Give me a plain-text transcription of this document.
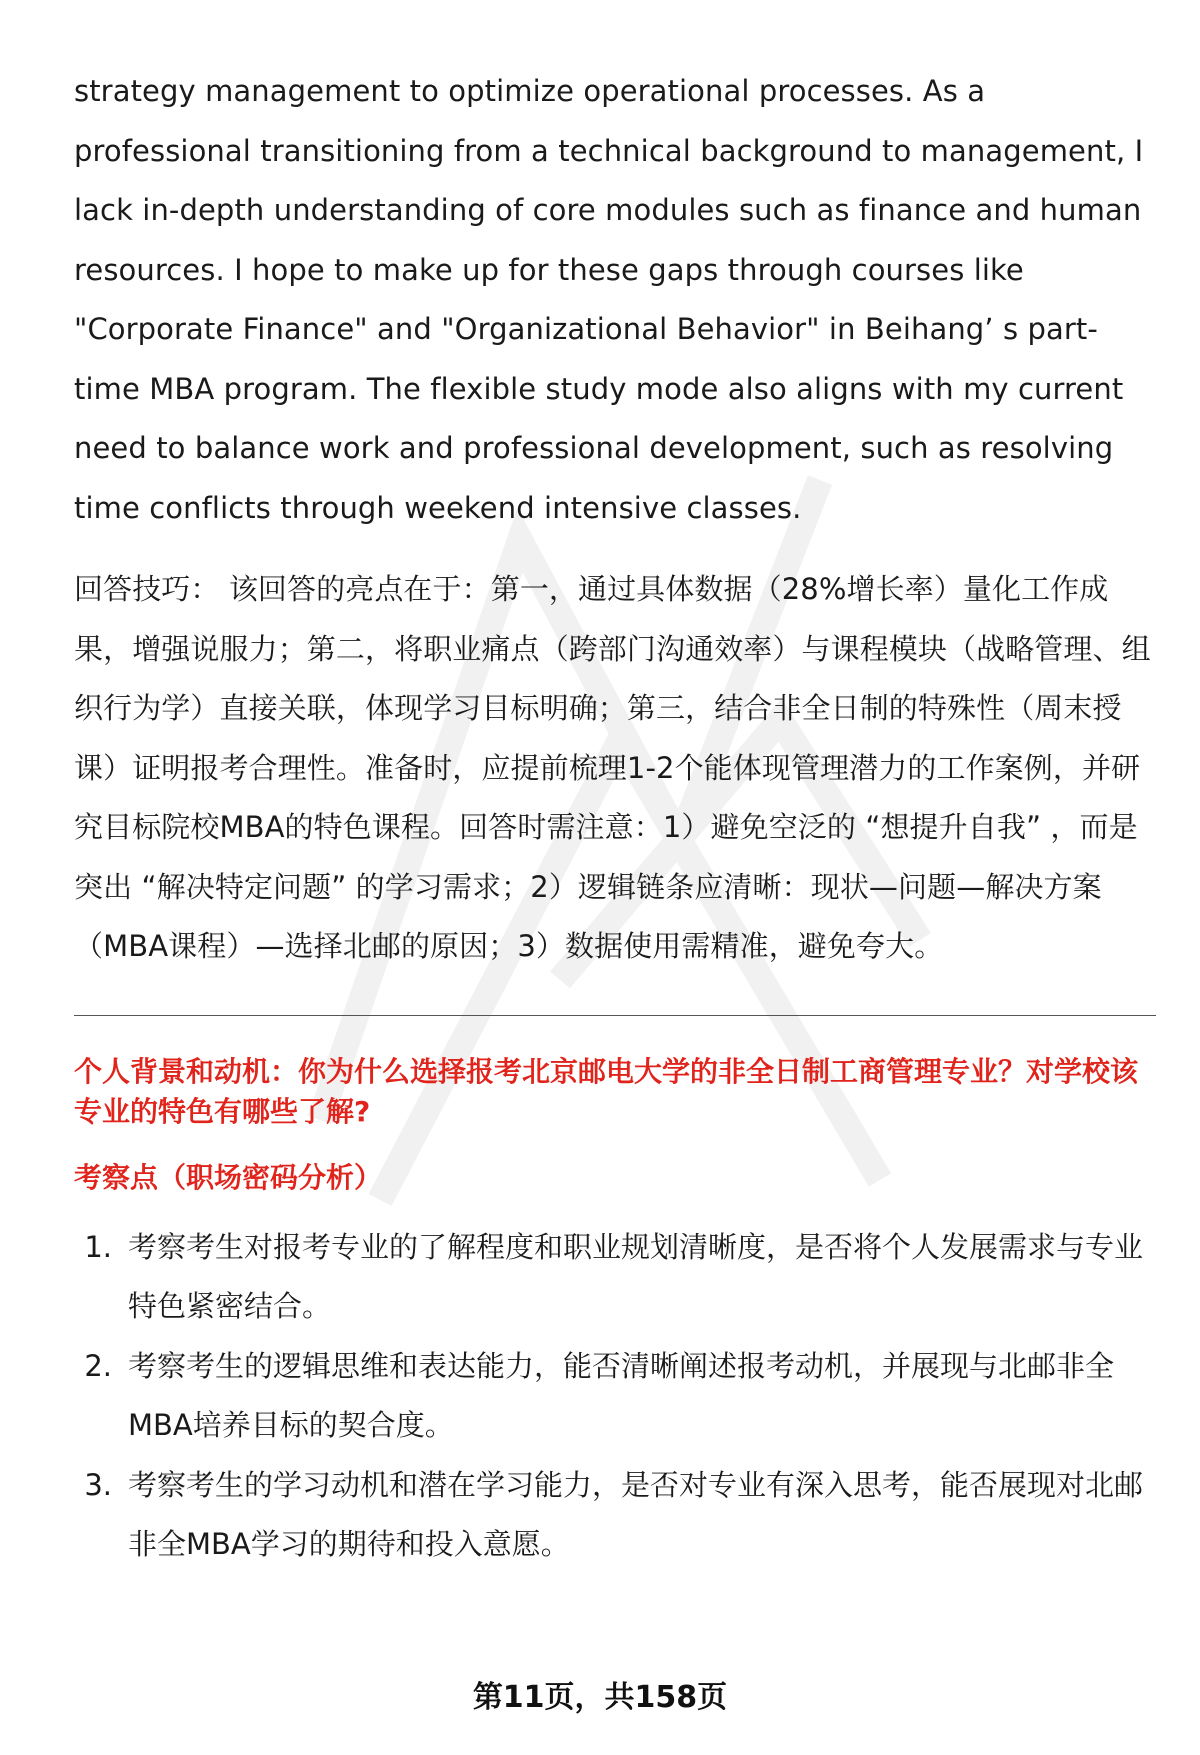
strategy management to optimize operational processes. As a professional transitioning from a technical background to management, I lack in-depth understanding of core modules such as finance and human resources. I hope to make up for these gaps through courses like "Corporate Finance" and "Organizational Behavior" in Beihang’ s part-time MBA program. The flexible study mode also aligns with my current need to balance work and professional development, such as resolving time conflicts through weekend intensive classes.

回答技巧： 该回答的亮点在于：第一，通过具体数据（28%增长率）量化工作成果，增强说服力；第二，将职业痛点（跨部门沟通效率）与课程模块（战略管理、组织行为学）直接关联，体现学习目标明确；第三，结合非全日制的特殊性（周末授课）证明报考合理性。准备时，应提前梳理1-2个能体现管理潜力的工作案例，并研究目标院校MBA的特色课程。回答时需注意：1）避免空泛的 “想提升自我” ，而是突出 “解决特定问题” 的学习需求；2）逻辑链条应清晰：现状—问题—解决方案（MBA课程）—选择北邮的原因；3）数据使用需精准，避免夸大。

个人背景和动机：你为什么选择报考北京邮电大学的非全日制工商管理专业？对学校该专业的特色有哪些了解?

考察点（职场密码分析）

1. 考察考生对报考专业的了解程度和职业规划清晰度，是否将个人发展需求与专业特色紧密结合。
2. 考察考生的逻辑思维和表达能力，能否清晰阐述报考动机，并展现与北邮非全MBA培养目标的契合度。
3. 考察考生的学习动机和潜在学习能力，是否对专业有深入思考，能否展现对北邮非全MBA学习的期待和投入意愿。
第11页，共158页
